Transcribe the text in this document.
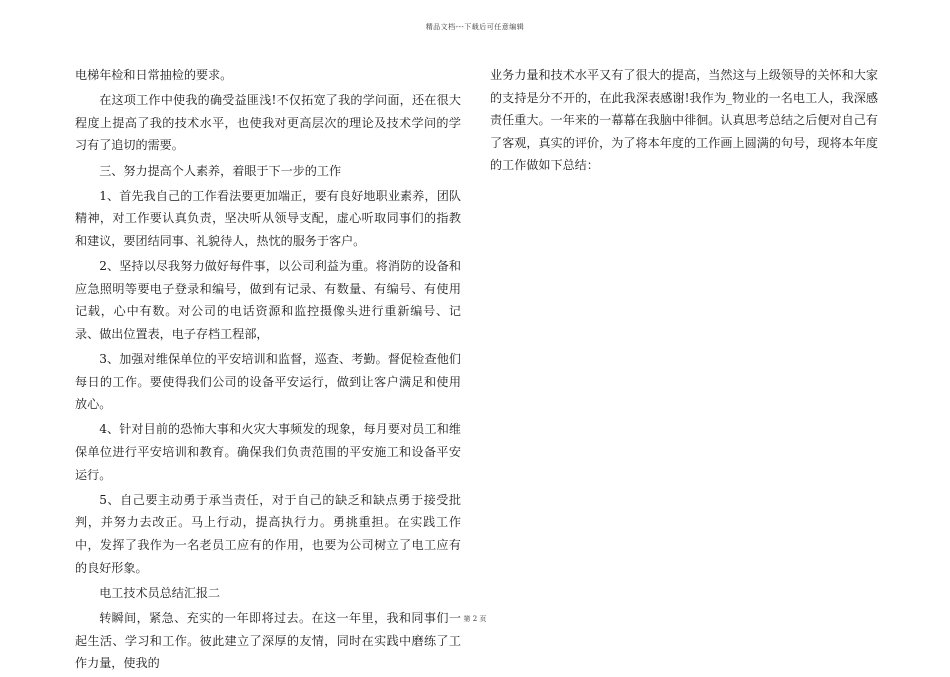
精品文档---下载后可任意编辑

电梯年检和日常抽检的要求。

在这项工作中使我的确受益匪浅!不仅拓宽了我的学问面，还在很大程度上提高了我的技术水平，也使我对更高层次的理论及技术学问的学习有了追切的需要。

三、努力提高个人素养，着眼于下一步的工作

1、首先我自己的工作看法要更加端正，要有良好地职业素养，团队精神，对工作要认真负责，坚决听从领导支配，虚心听取同事们的指教和建议，要团结同事、礼貌待人，热忱的服务于客户。

2、坚持以尽我努力做好每件事，以公司利益为重。将消防的设备和应急照明等要电子登录和编号，做到有记录、有数量、有编号、有使用记载，心中有数。对公司的电话资源和监控摄像头进行重新编号、记录、做出位置表，电子存档工程部，

3、加强对维保单位的平安培训和监督，巡查、考勤。督促检查他们每日的工作。要使得我们公司的设备平安运行，做到让客户满足和使用放心。

4、针对目前的恐怖大事和火灾大事频发的现象，每月要对员工和维保单位进行平安培训和教育。确保我们负责范围的平安施工和设备平安运行。

5、自己要主动勇于承当责任，对于自己的缺乏和缺点勇于接受批判，并努力去改正。马上行动，提高执行力。勇挑重担。在实践工作中，发挥了我作为一名老员工应有的作用，也要为公司树立了电工应有的良好形象。

电工技术员总结汇报二

转瞬间，紧急、充实的一年即将过去。在这一年里，我和同事们一起生活、学习和工作。彼此建立了深厚的友情，同时在实践中磨练了工作力量，使我的

业务力量和技术水平又有了很大的提高，当然这与上级领导的关怀和大家的支持是分不开的，在此我深表感谢!我作为_物业的一名电工人，我深感责任重大。一年来的一幕幕在我脑中徘徊。认真思考总结之后便对自己有了客观，真实的评价，为了将本年度的工作画上圆满的句号，现将本年度的工作做如下总结：

第 2 页
